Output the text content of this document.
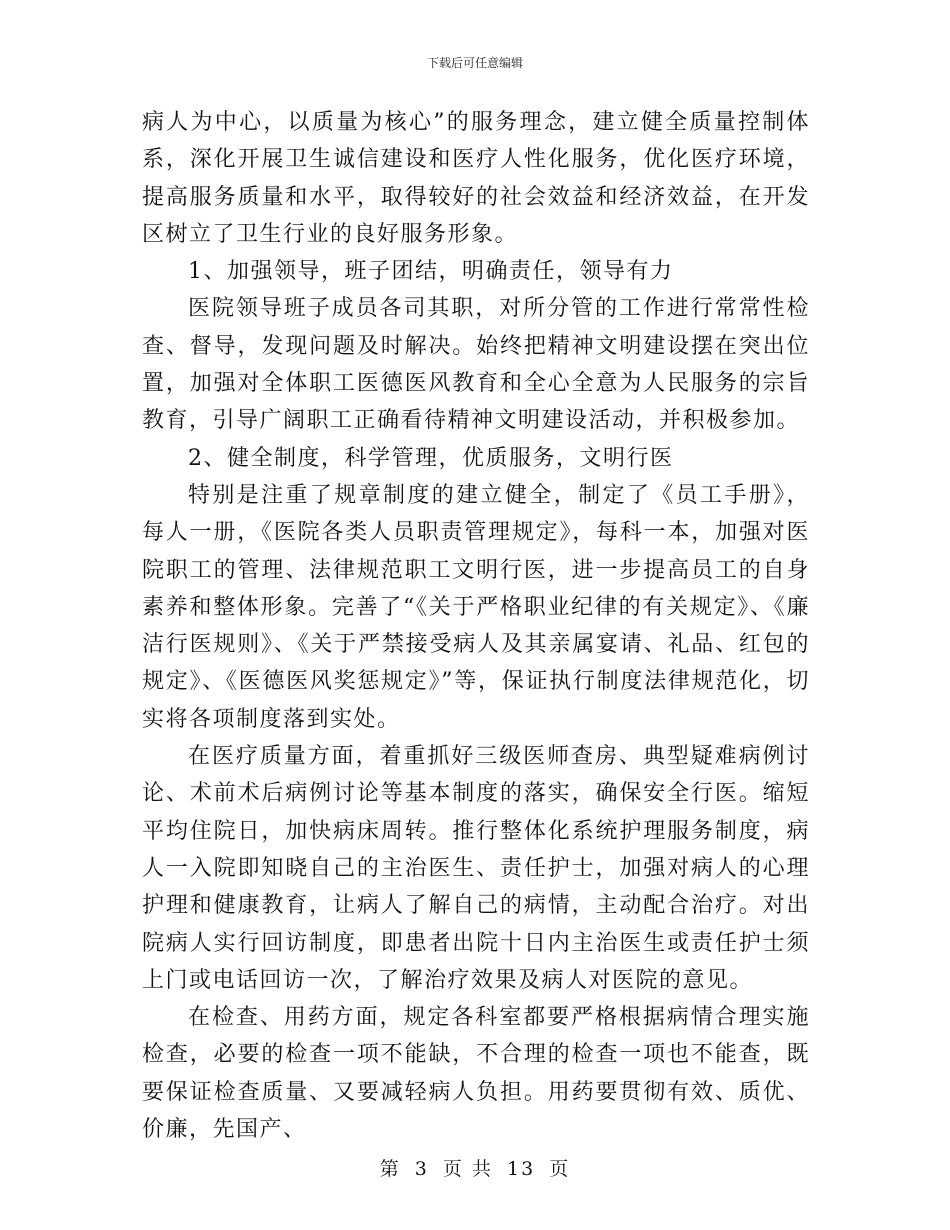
下载后可任意编辑

病人为中心，以质量为核心”的服务理念，建立健全质量控制体系，深化开展卫生诚信建设和医疗人性化服务，优化医疗环境，提高服务质量和水平，取得较好的社会效益和经济效益，在开发区树立了卫生行业的良好服务形象。

1、加强领导，班子团结，明确责任，领导有力

医院领导班子成员各司其职，对所分管的工作进行常常性检查、督导，发现问题及时解决。始终把精神文明建设摆在突出位置，加强对全体职工医德医风教育和全心全意为人民服务的宗旨教育，引导广阔职工正确看待精神文明建设活动，并积极参加。

2、健全制度，科学管理，优质服务，文明行医

特别是注重了规章制度的建立健全，制定了《员工手册》，每人一册，《医院各类人员职责管理规定》，每科一本，加强对医院职工的管理、法律规范职工文明行医，进一步提高员工的自身素养和整体形象。完善了“《关于严格职业纪律的有关规定》、《廉洁行医规则》、《关于严禁接受病人及其亲属宴请、礼品、红包的规定》、《医德医风奖惩规定》”等，保证执行制度法律规范化，切实将各项制度落到实处。

在医疗质量方面，着重抓好三级医师查房、典型疑难病例讨论、术前术后病例讨论等基本制度的落实，确保安全行医。缩短平均住院日，加快病床周转。推行整体化系统护理服务制度，病人一入院即知晓自己的主治医生、责任护士，加强对病人的心理护理和健康教育，让病人了解自己的病情，主动配合治疗。对出院病人实行回访制度，即患者出院十日内主治医生或责任护士须上门或电话回访一次，了解治疗效果及病人对医院的意见。

在检查、用药方面，规定各科室都要严格根据病情合理实施检查，必要的检查一项不能缺，不合理的检查一项也不能查，既要保证检查质量、又要减轻病人负担。用药要贯彻有效、质优、价廉，先国产、

第 3 页 共 13 页
